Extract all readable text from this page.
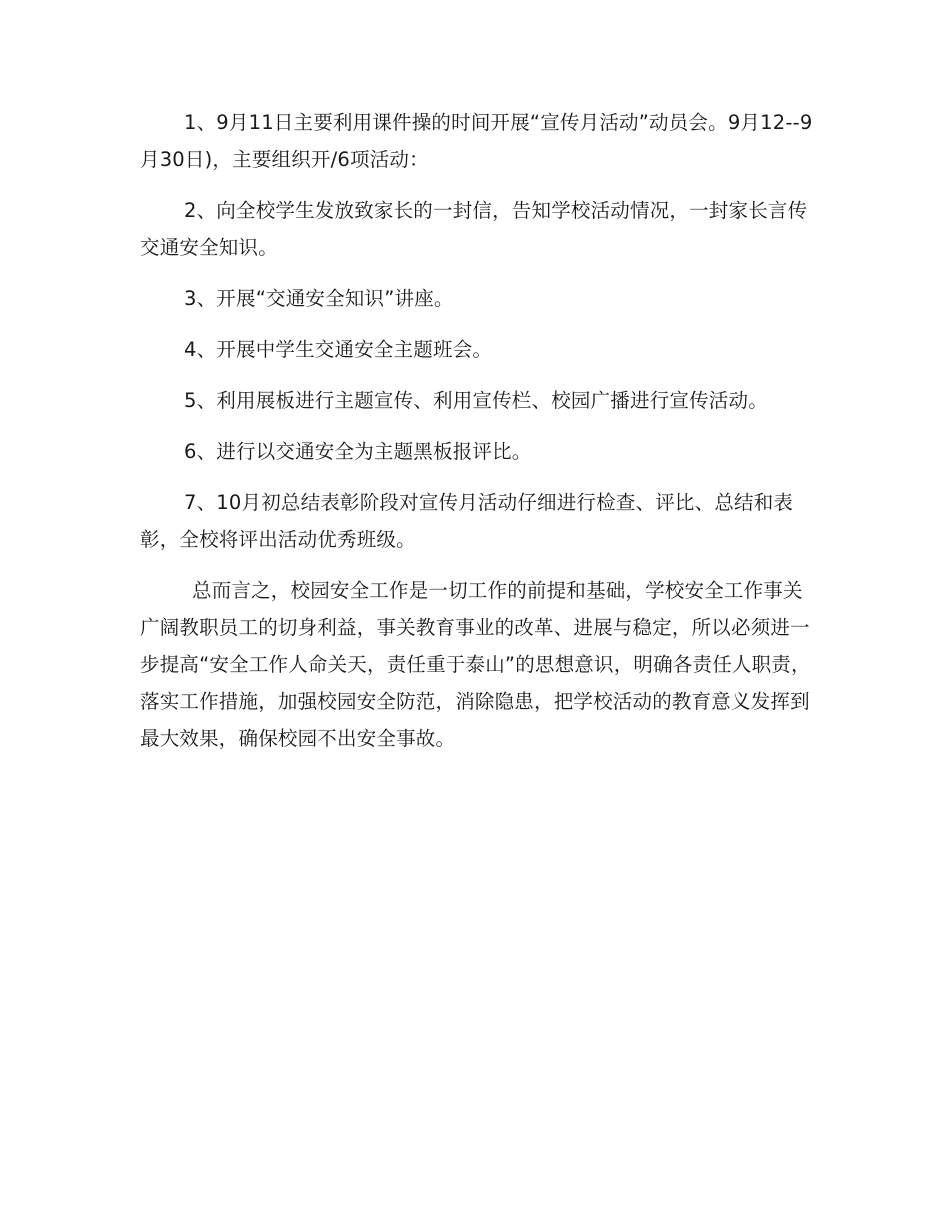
1、9月11日主要利用课件操的时间开展“宣传月活动”动员会。9月12--9月30日)，主要组织开/6项活动：

2、向全校学生发放致家长的一封信，告知学校活动情况，一封家长言传交通安全知识。

3、开展“交通安全知识”讲座。

4、开展中学生交通安全主题班会。

5、利用展板进行主题宣传、利用宣传栏、校园广播进行宣传活动。

6、进行以交通安全为主题黑板报评比。

7、10月初总结表彰阶段对宣传月活动仔细进行检查、评比、总结和表彰，全校将评出活动优秀班级。

总而言之，校园安全工作是一切工作的前提和基础，学校安全工作事关广阔教职员工的切身利益，事关教育事业的改革、进展与稳定，所以必须进一步提高“安全工作人命关天，责任重于泰山”的思想意识，明确各责任人职责，落实工作措施，加强校园安全防范，消除隐患，把学校活动的教育意义发挥到最大效果，确保校园不出安全事故。
